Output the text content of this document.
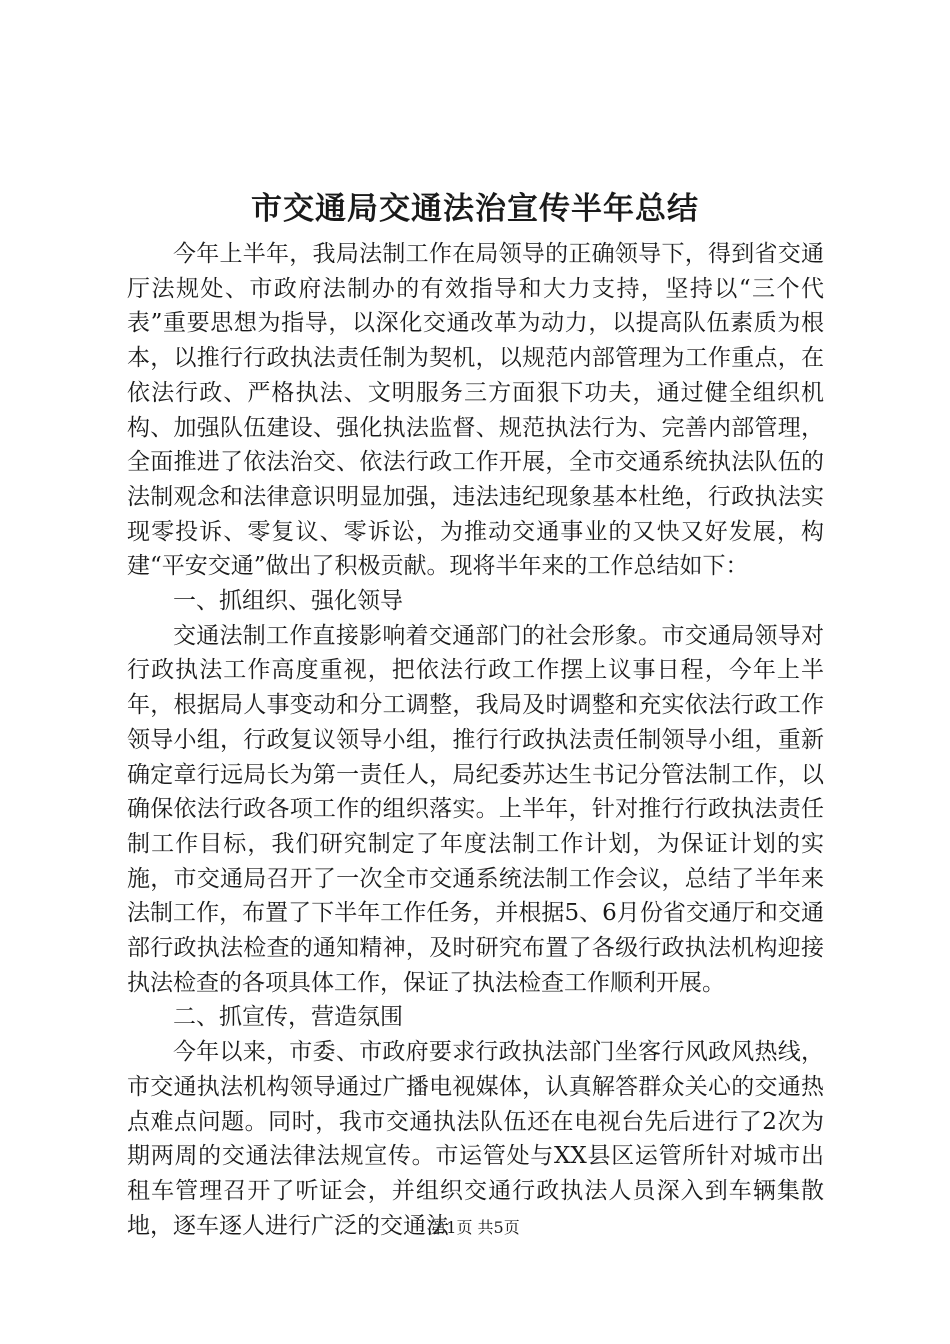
市交通局交通法治宣传半年总结

今年上半年，我局法制工作在局领导的正确领导下，得到省交通厅法规处、市政府法制办的有效指导和大力支持，坚持以“三个代表”重要思想为指导，以深化交通改革为动力，以提高队伍素质为根本，以推行行政执法责任制为契机，以规范内部管理为工作重点，在依法行政、严格执法、文明服务三方面狠下功夫，通过健全组织机构、加强队伍建设、强化执法监督、规范执法行为、完善内部管理，全面推进了依法治交、依法行政工作开展，全市交通系统执法队伍的法制观念和法律意识明显加强，违法违纪现象基本杜绝，行政执法实现零投诉、零复议、零诉讼，为推动交通事业的又快又好发展，构建“平安交通”做出了积极贡献。现将半年来的工作总结如下：

一、抓组织、强化领导

交通法制工作直接影响着交通部门的社会形象。市交通局领导对行政执法工作高度重视，把依法行政工作摆上议事日程，今年上半年，根据局人事变动和分工调整，我局及时调整和充实依法行政工作领导小组，行政复议领导小组，推行行政执法责任制领导小组，重新确定章行远局长为第一责任人，局纪委苏达生书记分管法制工作，以确保依法行政各项工作的组织落实。上半年，针对推行行政执法责任制工作目标，我们研究制定了年度法制工作计划，为保证计划的实施，市交通局召开了一次全市交通系统法制工作会议，总结了半年来法制工作，布置了下半年工作任务，并根据5、6月份省交通厅和交通部行政执法检查的通知精神，及时研究布置了各级行政执法机构迎接执法检查的各项具体工作，保证了执法检查工作顺利开展。

二、抓宣传，营造氛围

今年以来，市委、市政府要求行政执法部门坐客行风政风热线，市交通执法机构领导通过广播电视媒体，认真解答群众关心的交通热点难点问题。同时，我市交通执法队伍还在电视台先后进行了2次为期两周的交通法律法规宣传。市运管处与XX县区运管所针对城市出租车管理召开了听证会，并组织交通行政执法人员深入到车辆集散地，逐车逐人进行广泛的交通法

第1页 共5页
